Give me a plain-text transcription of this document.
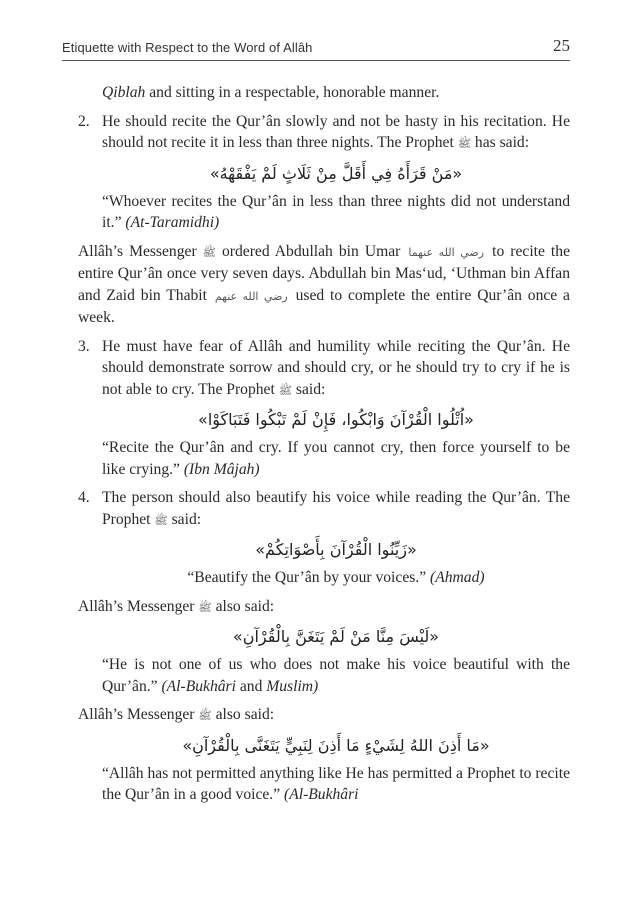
Etiquette with Respect to the Word of Allâh	25

Qiblah and sitting in a respectable, honorable manner.

2. He should recite the Qur’ân slowly and not be hasty in his recitation. He should not recite it in less than three nights. The Prophet ﷺ has said:

«مَنْ قَرَأَهُ فِي أَقَلَّ مِنْ ثَلَاثٍ لَمْ يَفْقَهْهُ»

“Whoever recites the Qur’ân in less than three nights did not understand it.” (At-Taramidhi)

Allâh’s Messenger ﷺ ordered Abdullah bin Umar رضي الله عنهما to recite the entire Qur’ân once very seven days. Abdullah bin Mas‘ud, ‘Uthman bin Affan and Zaid bin Thabit رضي الله عنهم used to complete the entire Qur’ân once a week.

3. He must have fear of Allâh and humility while reciting the Qur’ân. He should demonstrate sorrow and should cry, or he should try to cry if he is not able to cry. The Prophet ﷺ said:

«اُتْلُوا الْقُرْآنَ وَابْكُوا، فَإِنْ لَمْ تَبْكُوا فَتَبَاكَوْا»

“Recite the Qur’ân and cry. If you cannot cry, then force yourself to be like crying.” (Ibn Mâjah)

4. The person should also beautify his voice while reading the Qur’ân. The Prophet ﷺ said:

«زَيِّنُوا الْقُرْآنَ بِأَصْوَاتِكُمْ»

“Beautify the Qur’ân by your voices.” (Ahmad)

Allâh’s Messenger ﷺ also said:

«لَيْسَ مِنَّا مَنْ لَمْ يَتَغَنَّ بِالْقُرْآنِ»

“He is not one of us who does not make his voice beautiful with the Qur’ân.” (Al-Bukhâri and Muslim)

Allâh’s Messenger ﷺ also said:

«مَا أَذِنَ اللهُ لِشَيْءٍ مَا أَذِنَ لِنَبِيٍّ يَتَغَنَّى بِالْقُرْآنِ»

“Allâh has not permitted anything like He has permitted a Prophet to recite the Qur’ân in a good voice.” (Al-Bukhâri
